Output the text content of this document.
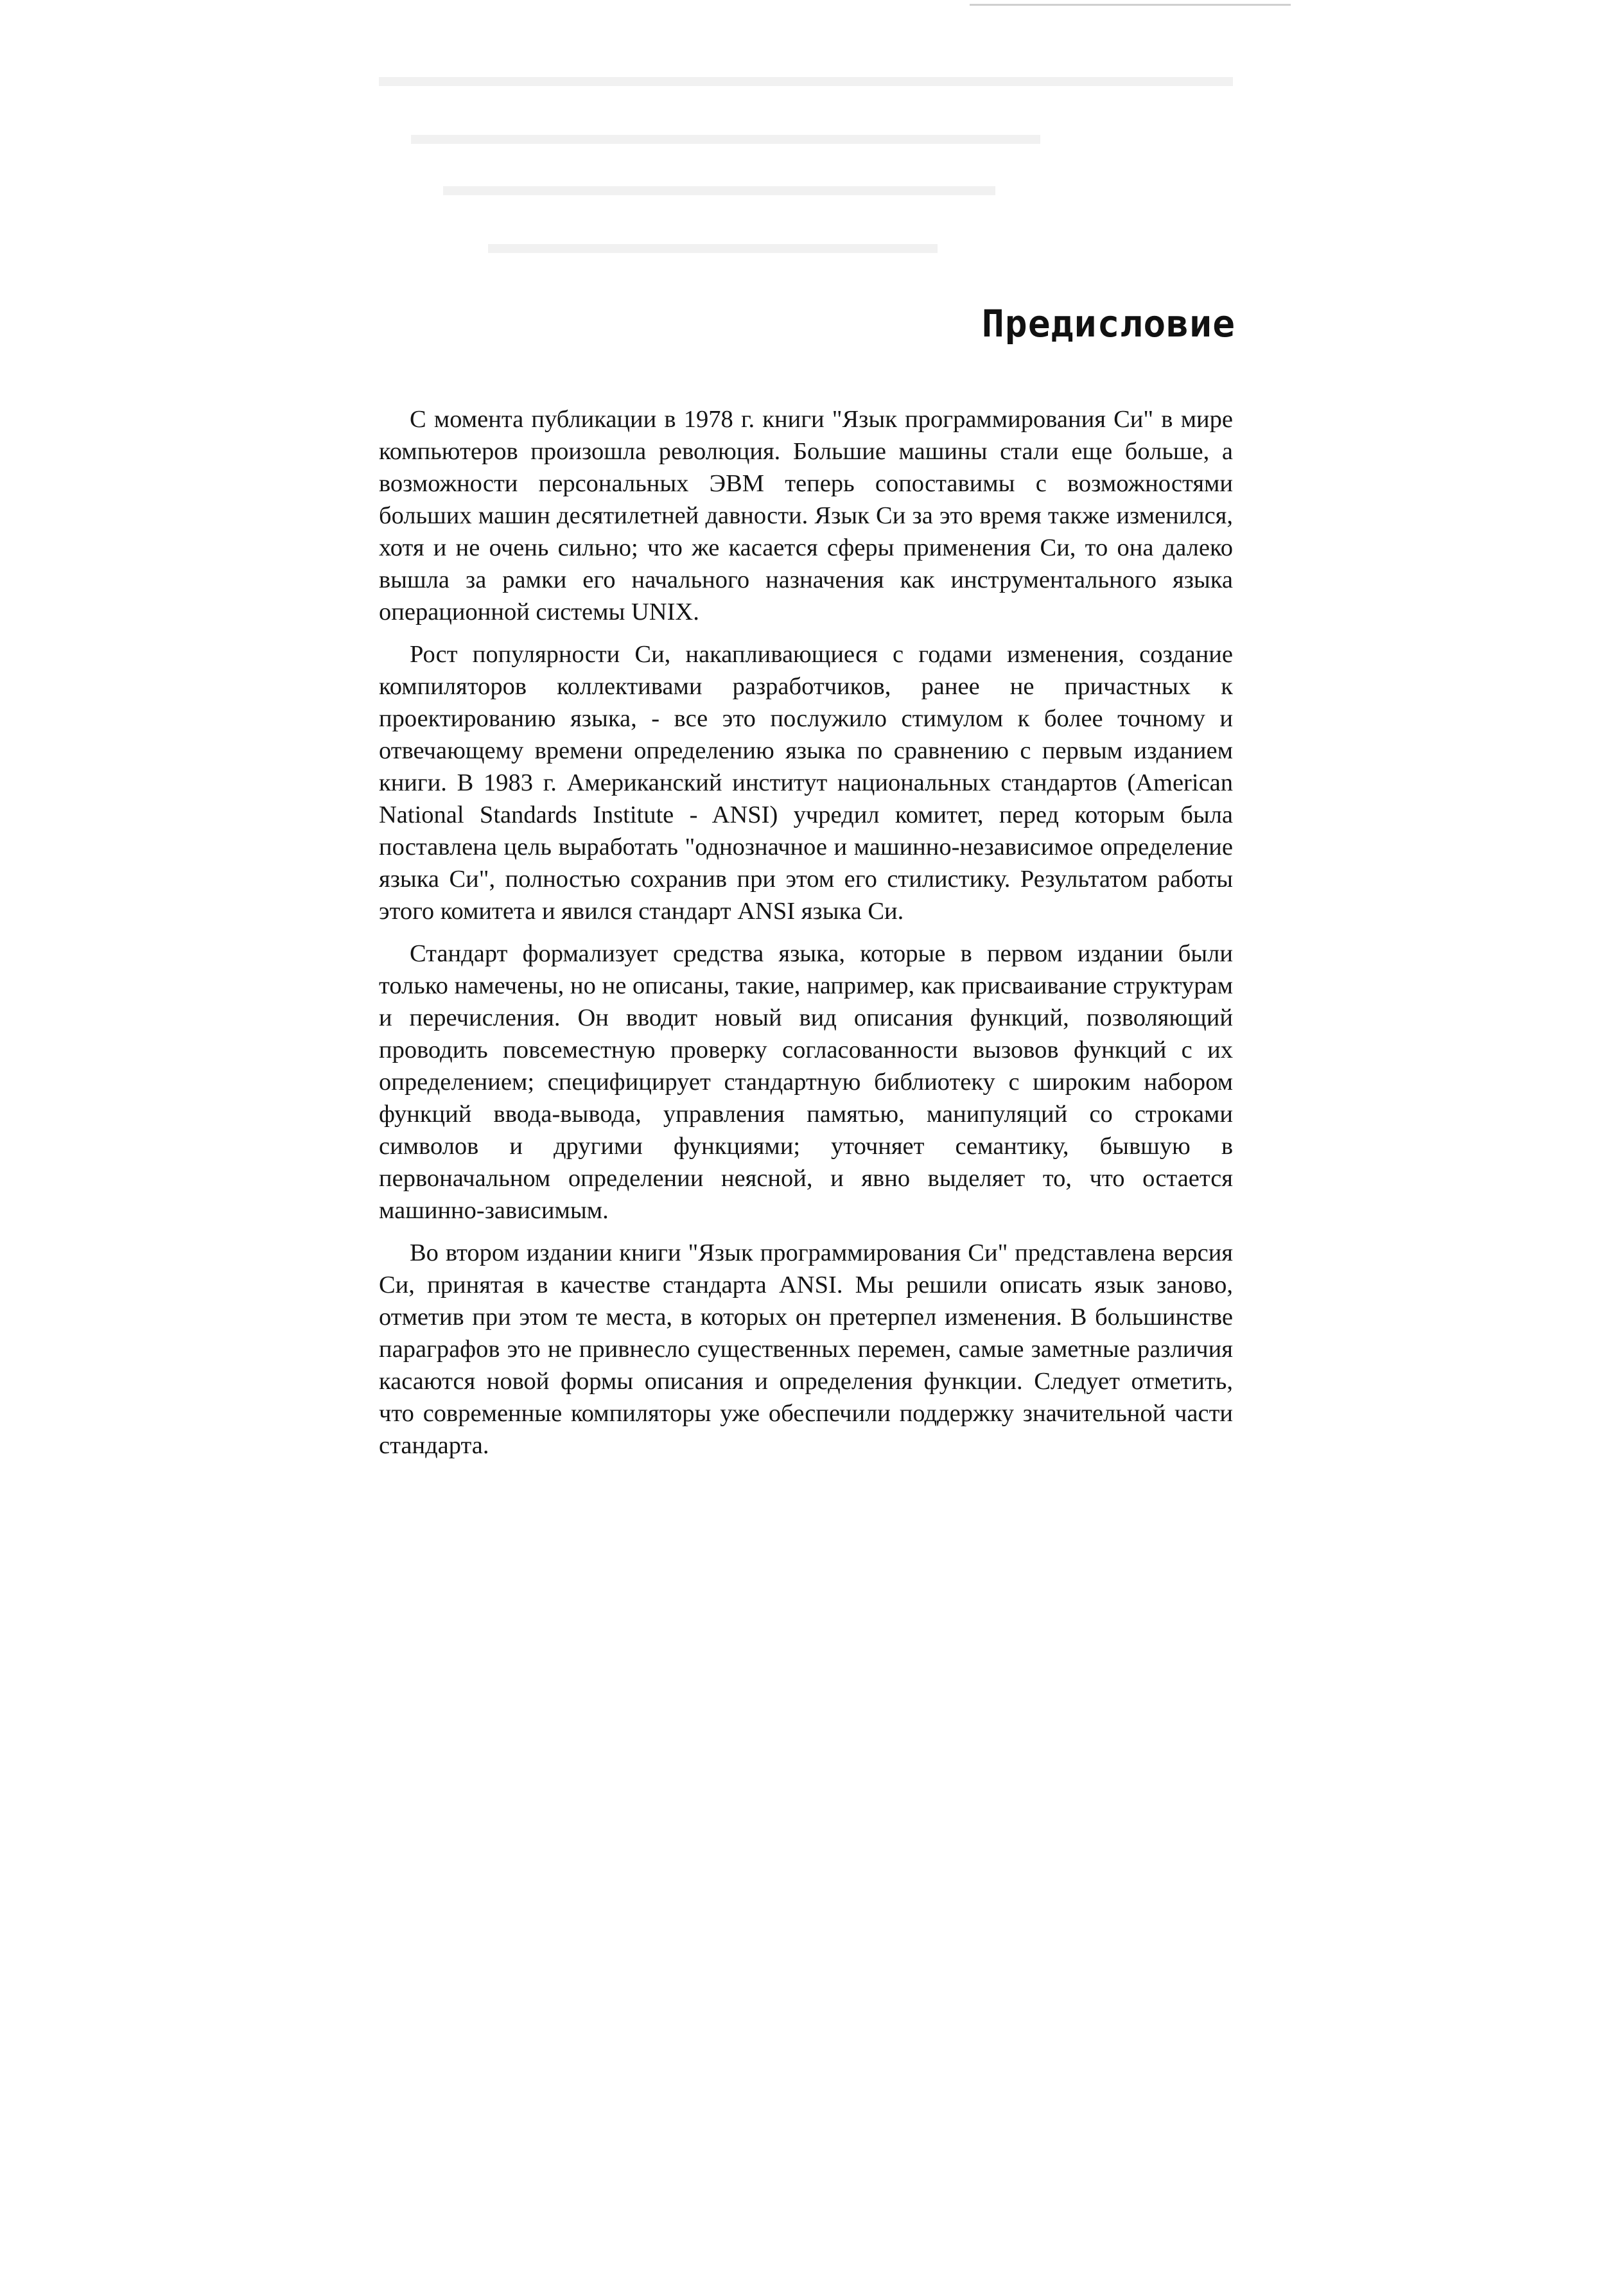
Предисловие

С момента публикации в 1978 г. книги "Язык программирования Си" в мире компьютеров произошла революция. Большие машины стали еще больше, а возможности персональных ЭВМ теперь сопоставимы с возможностями больших машин десятилетней давности. Язык Си за это время также изменился, хотя и не очень сильно; что же касается сферы применения Си, то она далеко вышла за рамки его начального назначения как инструментального языка операционной системы UNIX.

Рост популярности Си, накапливающиеся с годами изменения, создание компиляторов коллективами разработчиков, ранее не причастных к проектированию языка, - все это послужило стимулом к более точному и отвечающему времени определению языка по сравнению с первым изданием книги. В 1983 г. Американский институт национальных стандартов (American National Standards Institute - ANSI) учредил комитет, перед которым была поставлена цель выработать "однозначное и машинно-независимое определение языка Си", полностью сохранив при этом его стилистику. Результатом работы этого комитета и явился стандарт ANSI языка Си.

Стандарт формализует средства языка, которые в первом издании были только намечены, но не описаны, такие, например, как присваивание структурам и перечисления. Он вводит новый вид описания функций, позволяющий проводить повсеместную проверку согласованности вызовов функций с их определением; специфицирует стандартную библиотеку с широким набором функций ввода-вывода, управления памятью, манипуляций со строками символов и другими функциями; уточняет семантику, бывшую в первоначальном определении неясной, и явно выделяет то, что остается машинно-зависимым.

Во втором издании книги "Язык программирования Си" представлена версия Си, принятая в качестве стандарта ANSI. Мы решили описать язык заново, отметив при этом те места, в которых он претерпел изменения. В большинстве параграфов это не привнесло существенных перемен, самые заметные различия касаются новой формы описания и определения функции. Следует отметить, что современные компиляторы уже обеспечили поддержку значительной части стандарта.
